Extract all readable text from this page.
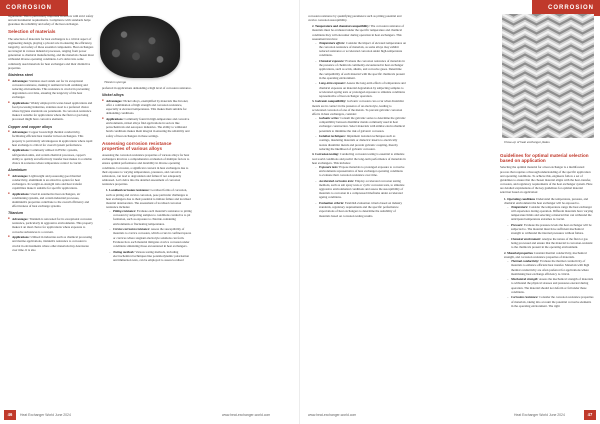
CORROSION

regulations. This is particularly important in sectors with strict safety and environmental requirements. Compliance with standards helps guarantee the reliability and safety of the heat exchanger.

Selection of materials

The selection of materials for heat exchangers is a critical aspect of engineering design, playing a pivotal role in ensuring the efficiency, longevity, and safety of these essential components. Heat exchangers are integral in various industrial processes, ranging from power generation to chemical manufacturing, and the materials chosen must withstand diverse operating conditions. Let's delve into some commonly used materials for heat exchangers and their distinctive properties.

Stainless steel
■ Advantages: Stainless steel stands out for its exceptional corrosion resistance, making it resilient in both oxidising and reducing environments. This resistance is crucial in preventing degradation over time, ensuring the longevity of the heat exchanger.
■ Applications: Widely employed in water-based applications and food processing industries, stainless steel is a preferred choice where hygiene standards are paramount. Its corrosion resistance makes it suitable for applications where the fluid or gas being processed might have corrosive elements.
Copper and copper alloys
■ Advantages: Copper boasts high thermal conductivity, facilitating efficient heat transfer in heat exchangers. This property is particularly advantageous in applications where rapid heat exchange is critical for overall system performance.
■ Applications: Commonly utilised in HVAC systems, refrigeration units, and certain chemical processes, copper's ability to quickly and effectively transfer heat makes it a reliable choice in scenarios where temperature control is crucial.
Aluminium
■ Advantages: Lightweight and possessing good thermal conductivity, aluminium is an attractive option for heat exchangers. Its weight-to-strength ratio and heat transfer capabilities make it suitable for specific applications.
■ Applications: Used in automotive heat exchangers, air conditioning systems, and certain industrial processes, aluminium's properties contribute to the overall efficiency and effectiveness of heat exchange systems.
Titanium
■ Advantages: Titanium is renowned for its exceptional corrosion resistance, particularly in aggressive environments. This property makes it an ideal choice for applications where exposure to corrosive substances is a concern.
■ Applications: Utilised in industries such as chemical processing and marine applications, titanium's resistance to corrosion is crucial in environments where other materials may deteriorate over time. It is also
Titanium sponge

preferred in applications demanding a high level of corrosion resistance.

Nickel alloys
■ Advantages: Nickel alloys, exemplified by materials like Inconel, offer a combination of high strength and corrosion resistance, especially at elevated temperatures. This makes them suitable for demanding conditions.
■ Applications: Commonly found in high-temperature and corrosive environments, nickel alloys find applications in sectors like petrochemicals and aerospace industries. The ability to withstand harsh conditions makes them integral in ensuring the reliability and safety of heat exchangers in these settings.
Assessing corrosion resistance properties of various alloys

Assessing the corrosion resistance properties of various alloys for heat exchangers involves a comprehensive evaluation of multiple factors to ensure optimal performance and durability in diverse operating conditions. Corrosion, a significant concern in heat exchangers due to their exposure to varying temperatures, pressures, and corrosive substances, can lead to degradation and failure if not adequately addressed. Let's delve into the detailed assessment of corrosion resistance properties.

1. Localised corrosion resistance: Localised forms of corrosion, such as pitting and crevice corrosion, pose particular challenges to heat exchangers due to their potential to initiate failure and localised material deterioration. The assessment of localised corrosion resistance includes:
– Pitting resistance: Evaluate each material's resistance to pitting corrosion by subjecting samples to conditions conducive to pit formation, such as exposure to chloride-containing environments or fluctuating temperatures.
– Crevice corrosion resistance: Assess the susceptibility of materials to crevice corrosion, which occurs in confined spaces or crevices where stagnant electrolyte solutions can form. Evaluate how each material mitigates crevice corrosion under conditions simulating those encountered in heat exchangers.
– Testing methods: Various testing methods, including electrochemical techniques like potentiodynamic polarisation and immersion tests, can be employed to assess localised
46	Heat Exchanger World June 2024	www.heat-exchanger-world.com
CORROSION

corrosion resistance by quantifying parameters such as pitting potential and crevice corrosion susceptibility.

2. Temperature and chemical compatibility: The corrosion resistance of materials must be evaluated under the specific temperature and chemical conditions they will encounter during operation in heat exchangers. This assessment involves:
– Temperature effects: Consider the impact of elevated temperatures on the corrosion resistance of materials, as some alloys may exhibit reduced resistance or accelerated corrosion under high-temperature conditions.
– Chemical exposure: Evaluate the corrosion resistance of materials in the presence of chemicals commonly encountered in heat exchanger applications, such as acids, alkalis, and corrosive gases. Determine the compatibility of each material with the specific chemicals present in the operating environment.
– Long-term exposure: Assess the long-term effects of temperature and chemical exposure on material degradation by subjecting samples to accelerated ageing tests or prolonged exposure to simulate conditions representative of heat exchanger operation.
3. Galvanic compatibility: Galvanic corrosion can occur when dissimilar metals are in contact in the presence of an electrolyte, leading to accelerated corrosion of one of the metals. To prevent galvanic corrosion effects in heat exchangers, consider:
– Galvanic series: Consult the galvanic series to determine the galvanic compatibility between dissimilar metals commonly used in heat exchanger construction. Select materials with similar electrochemical potentials to minimise the risk of galvanic corrosion.
– Isolation techniques: Implement isolation techniques such as coatings, insulating materials or dielectric inserts to electrically isolate dissimilar metals and prevent galvanic coupling, thereby reducing the likelihood of galvanic corrosion.
4. Corrosion testing: Conducting corrosion testing is essential to simulate real-world conditions and predict the long-term performance of materials in heat exchangers. This includes:
– Exposure tests: Expose materials to prolonged exposure to corrosive environments representative of heat exchanger operating conditions to evaluate their corrosion resistance over time.
– Accelerated corrosion tests: Employ accelerated corrosion testing methods, such as salt spray tests or cyclic corrosion tests, to simulate aggressive environmental conditions and assess the susceptibility of materials to corrosion in a compressed timeframe under accelerated ageing conditions.
– Evaluation criteria: Establish evaluation criteria based on industry standards, regulatory requirements and the specific performance expectations of heat exchangers to determine the suitability of materials based on corrosion testing results.
Guidelines for optimal material selection based on application

Selecting the optimal material for a heat exchanger is a multifaceted process that requires a thorough understanding of the specific application and operating conditions. To achieve this, engineers follow a set of guidelines to ensure that the chosen material aligns with the heat-transfer, corrosion, and regulatory requirements of the heat exchanger system. Here are detailed explanations of the key guidelines for optimal material selection based on application:

1. Operating conditions Understand the temperature, pressure, and chemical environment the heat exchanger will be exposed to.
– Temperature: Consider the temperature range the heat exchanger will experience during operation. Different materials have varying temperature limits and selecting a material that can withstand the anticipated temperature extremes is crucial.
– Pressure: Evaluate the pressure levels the heat exchanger will be subjected to. The material must have sufficient mechanical strength to withstand the internal pressures without failure.
– Chemical environment: Analyse the nature of the fluid or gas being processed and ensure that the material is corrosion-resistant to the chemicals present in the operating environment.
2. Material properties Consider thermal conductivity, mechanical strength, and corrosion resistance properties of materials.
– Thermal conductivity: Evaluate the thermal conductivity of materials to enhance efficient heat transfer. Materials with high thermal conductivity are often preferred for applications where maximising heat exchange efficiency is critical.
– Mechanical strength: Assess the mechanical strength of materials to withstand the physical stresses and pressures exerted during operation. The material should not deform or fail under these conditions.
– Corrosion resistance: Consider the corrosion resistance properties of materials, taking into account the potential corrosive elements in the operating environment. The right
Close-up of heat exchanger plates
47
www.heat-exchanger-world.com	Heat Exchanger World June 2024
